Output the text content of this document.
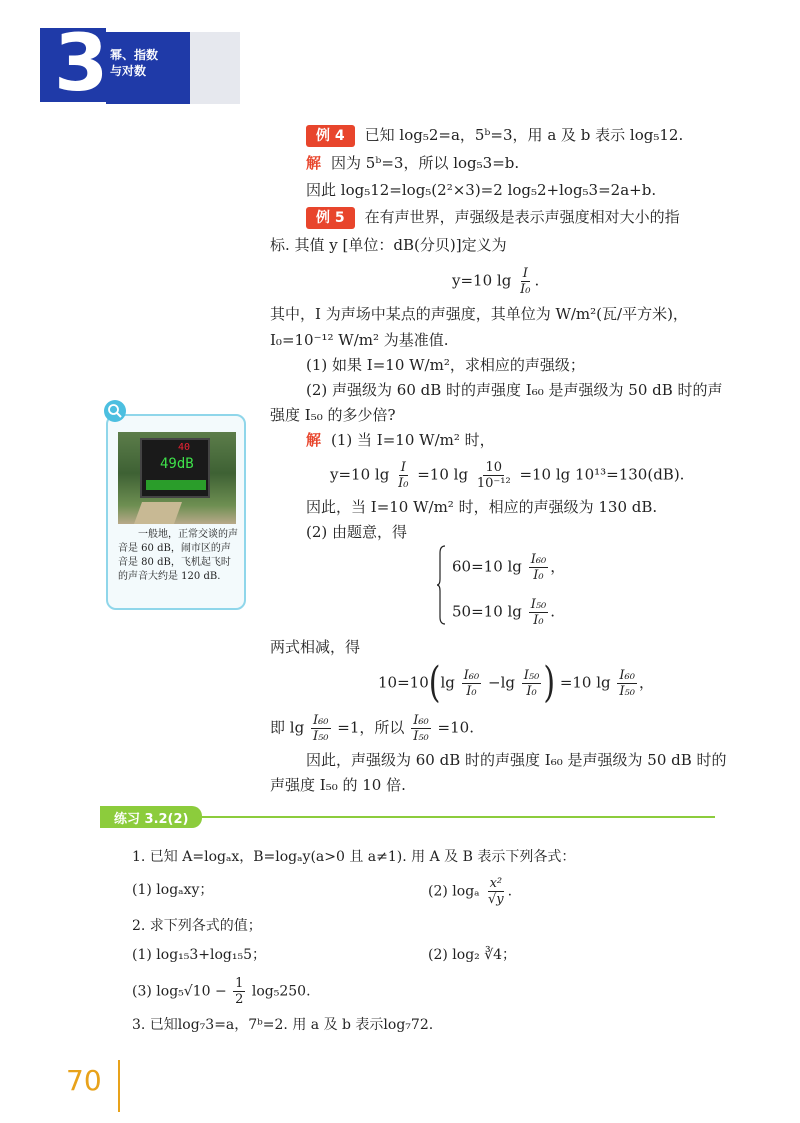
3 幂、指数
与对数
例 4 已知 log₅2=a，5ᵇ=3，用 a 及 b 表示 log₅12.
解 因为 5ᵇ=3，所以 log₅3=b.
因此 log₅12=log₅(2²×3)=2 log₅2+log₅3=2a+b.
例 5 在有声世界，声强级是表示声强度相对大小的指
标. 其值 y [单位：dB(分贝)]定义为
y=10 $\lg \frac{I}{\text{I₀}}$ .
其中，I 为声场中某点的声强度，其单位为 W/m²(瓦/平方米)，
I₀=10⁻¹² W/m² 为基准值.
(1) 如果 I=10 W/m²，求相应的声强级；
(2) 声强级为 60 dB 时的声强度 I₆₀ 是声强级为 50 dB 时的声
强度 I₅₀ 的多少倍?
解 (1) 当 I=10 W/m² 时，
y=10 $\lg \frac{I}{\text{I₀}} =10$ $\lg \frac{10}{\text{10⁻¹²}} =10$ lg 10¹³=130(dB).
因此，当 I=10 W/m² 时，相应的声强级为 130 dB.
(2) 由题意，得
60=10 $\lg \frac{\text{I₆₀}}{\text{I₀}}$ ，
50=10 $\lg \frac{\text{I₅₀}}{\text{I₀}}$ .
两式相减，得
$10=10(\lg \frac{\text{I₆₀}}{\text{I₀}} -\lg \frac{\text{I₅₀}}{\text{I₀}}$ ) =10 $\lg \frac{\text{I₆₀}}{\text{I₅₀}}$ ，
即 $\lg \frac{\text{I₆₀}}{\text{I₅₀}} =1$，所以 $\frac{\text{I₆₀}}{\text{I₅₀}} =10$.
因此，声强级为 60 dB 时的声强度 I₆₀ 是声强级为 50 dB 时的
声强度 I₅₀ 的 10 倍.
40
49dB
一般地，正常交谈的声音是 60 dB，闹市区的声音是 80 dB，飞机起飞时的声音大约是 120 dB.
练习 3.2(2)
1. 已知 A=logₐx，B=logₐy(a>0 且 a≠1). 用 A 及 B 表示下列各式：
(1) logₐxy；	(2) logₐ $\frac{\text{x²}}{√y}$ .
2. 求下列各式的值；
(1) log₁₅3+log₁₅5；	(2) log₂ ∛4；
(3) $\log_5√10 - \frac{1}{2} \log_5250$.
3. 已知log₇3=a，7ᵇ=2. 用 a 及 b 表示log₇72.
70
